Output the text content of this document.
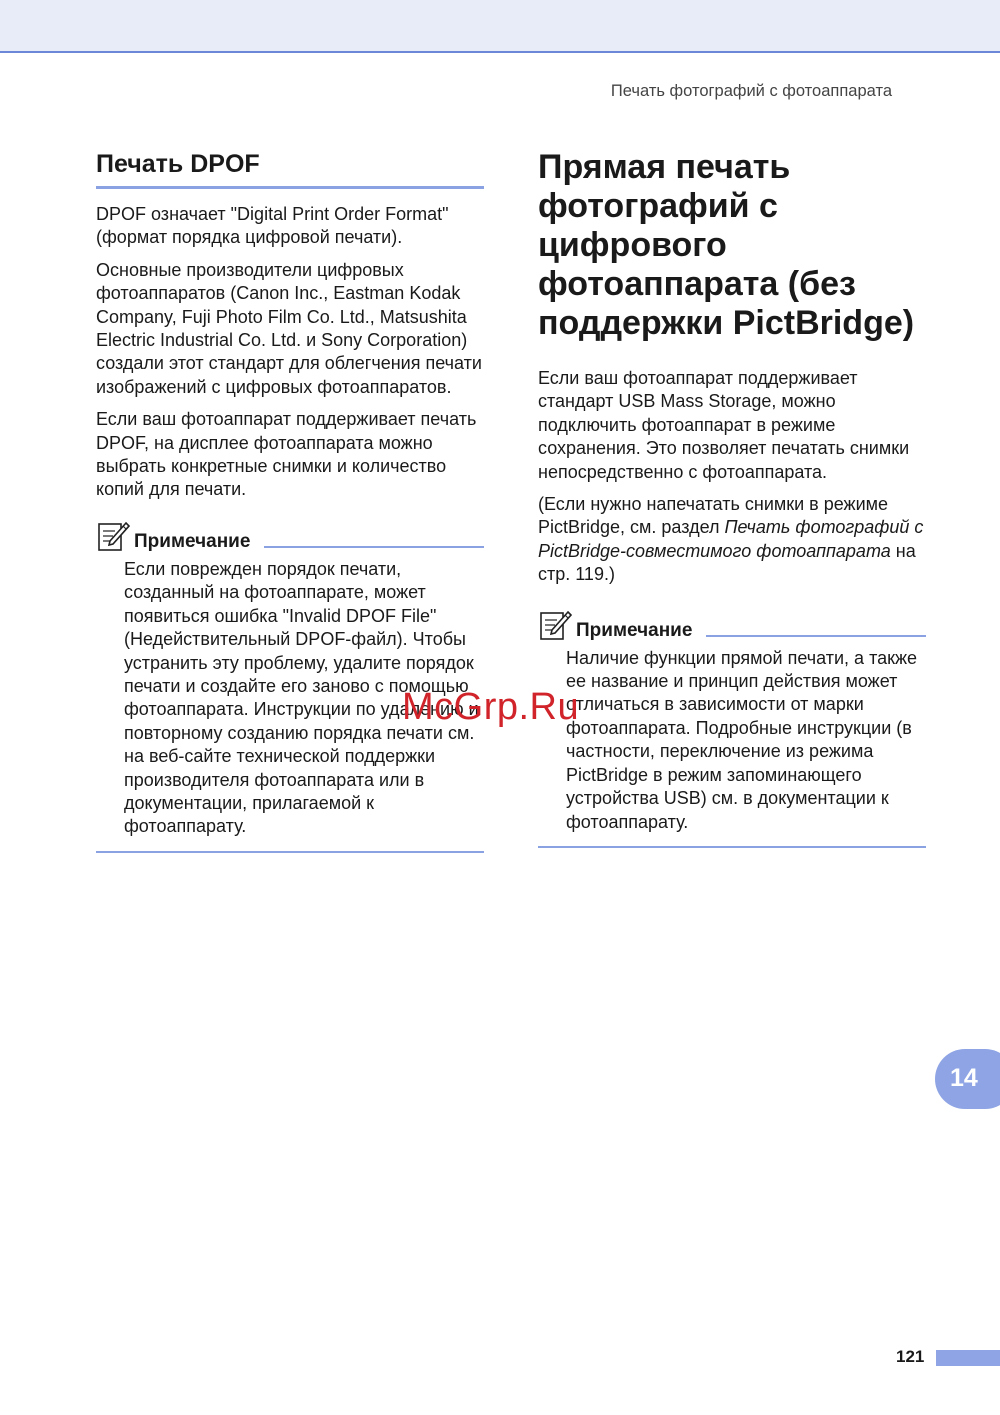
Печать фотографий с фотоаппарата
Печать DPOF

DPOF означает "Digital Print Order Format" (формат порядка цифровой печати).

Основные производители цифровых фотоаппаратов (Canon Inc., Eastman Kodak Company, Fuji Photo Film Co. Ltd., Matsushita Electric Industrial Co. Ltd. и Sony Corporation) создали этот стандарт для облегчения печати изображений с цифровых фотоаппаратов.

Если ваш фотоаппарат поддерживает печать DPOF, на дисплее фотоаппарата можно выбрать конкретные снимки и количество копий для печати.

Примечание

Если поврежден порядок печати, созданный на фотоаппарате, может появиться ошибка "Invalid DPOF File" (Недействительный DPOF-файл). Чтобы устранить эту проблему, удалите порядок печати и создайте его заново с помощью фотоаппарата. Инструкции по удалению и повторному созданию порядка печати см. на веб-сайте технической поддержки производителя фотоаппарата или в документации, прилагаемой к фотоаппарату.

Прямая печать фотографий с цифрового фотоаппарата (без поддержки PictBridge)

Если ваш фотоаппарат поддерживает стандарт USB Mass Storage, можно подключить фотоаппарат в режиме сохранения. Это позволяет печатать снимки непосредственно с фотоаппарата.

(Если нужно напечатать снимки в режиме PictBridge, см. раздел Печать фотографий с PictBridge-совместимого фотоаппарата на стр. 119.)

Примечание

Наличие функции прямой печати, а также ее название и принцип действия может отличаться в зависимости от марки фотоаппарата. Подробные инструкции (в частности, переключение из режима PictBridge в режим запоминающего устройства USB) см. в документации к фотоаппарату.

McGrp.Ru
14
121
